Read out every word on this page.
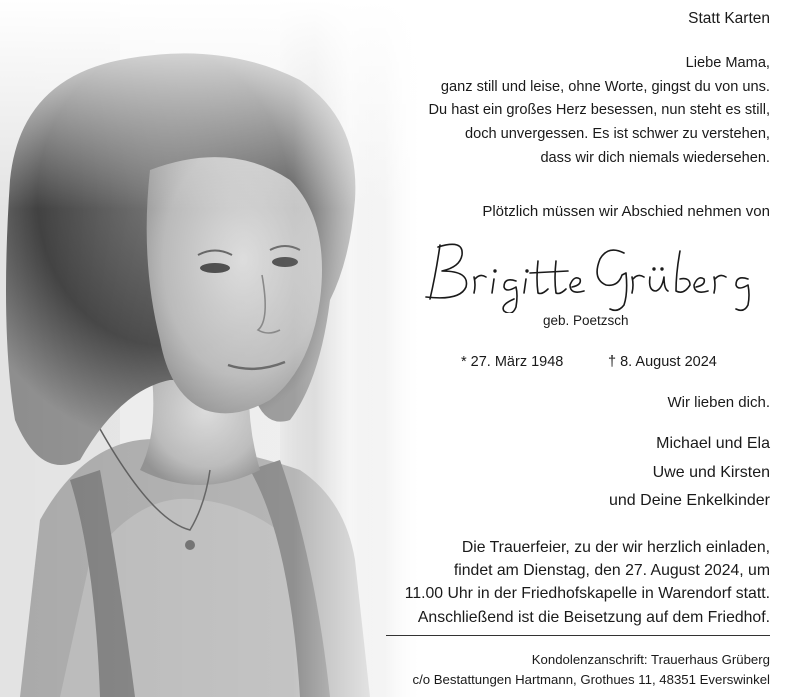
Statt Karten
Liebe Mama,
ganz still und leise, ohne Worte, gingst du von uns.
Du hast ein großes Herz besessen, nun steht es still,
doch unvergessen. Es ist schwer zu verstehen,
dass wir dich niemals wiedersehen.
Plötzlich müssen wir Abschied nehmen von
geb. Poetzsch
* 27. März 1948	† 8. August 2024
Wir lieben dich.
Michael und Ela
Uwe und Kirsten
und Deine Enkelkinder
Die Trauerfeier, zu der wir herzlich einladen,
findet am Dienstag, den 27. August 2024, um
11.00 Uhr in der Friedhofskapelle in Warendorf statt.
Anschließend ist die Beisetzung auf dem Friedhof.
Kondolenzanschrift: Trauerhaus Grüberg
c/o Bestattungen Hartmann, Grothues 11, 48351 Everswinkel
